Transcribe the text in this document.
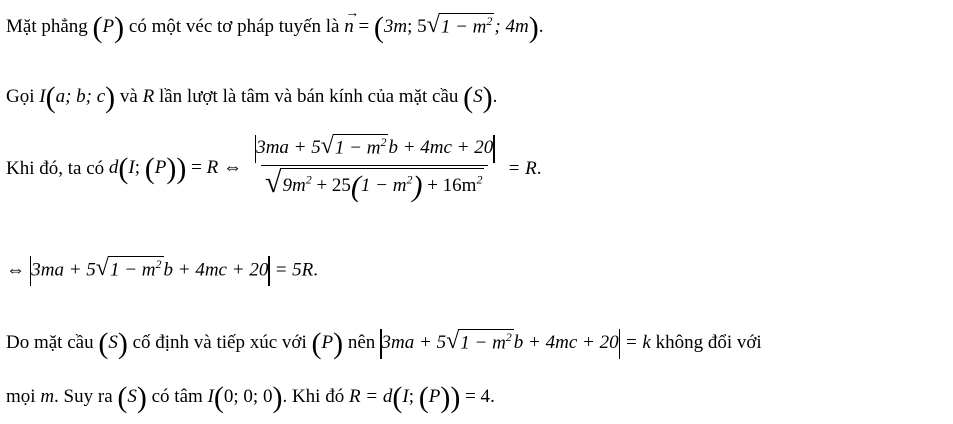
Mặt phẳng (P) có một véc tơ pháp tuyến là
→
n = (3m; 5 √ $1 - m^2$ ; 4m).
Gọi I(a; b; c) và R lần lượt là tâm và bán kính của mặt cầu (S).
Khi đó, ta có d(I; (P)) = R ⇔ $\frac{3ma + 5 √ 1 - m^2 b + 4mc + 20}{√ 9m^2 + 25(1 - m^2) + 16m^2} = R$.
⇔ 3ma + 5 √ $1 - m^2$ b + 4mc + 20 = 5R.
Do mặt cầu (S) cố định và tiếp xúc với (P) nên 3ma + 5 √ $1 - m^2$ b + 4mc + 20 = k không đổi với
mọi m. Suy ra (S) có tâm I(0; 0; 0). Khi đó R = d(I; (P)) = 4.
